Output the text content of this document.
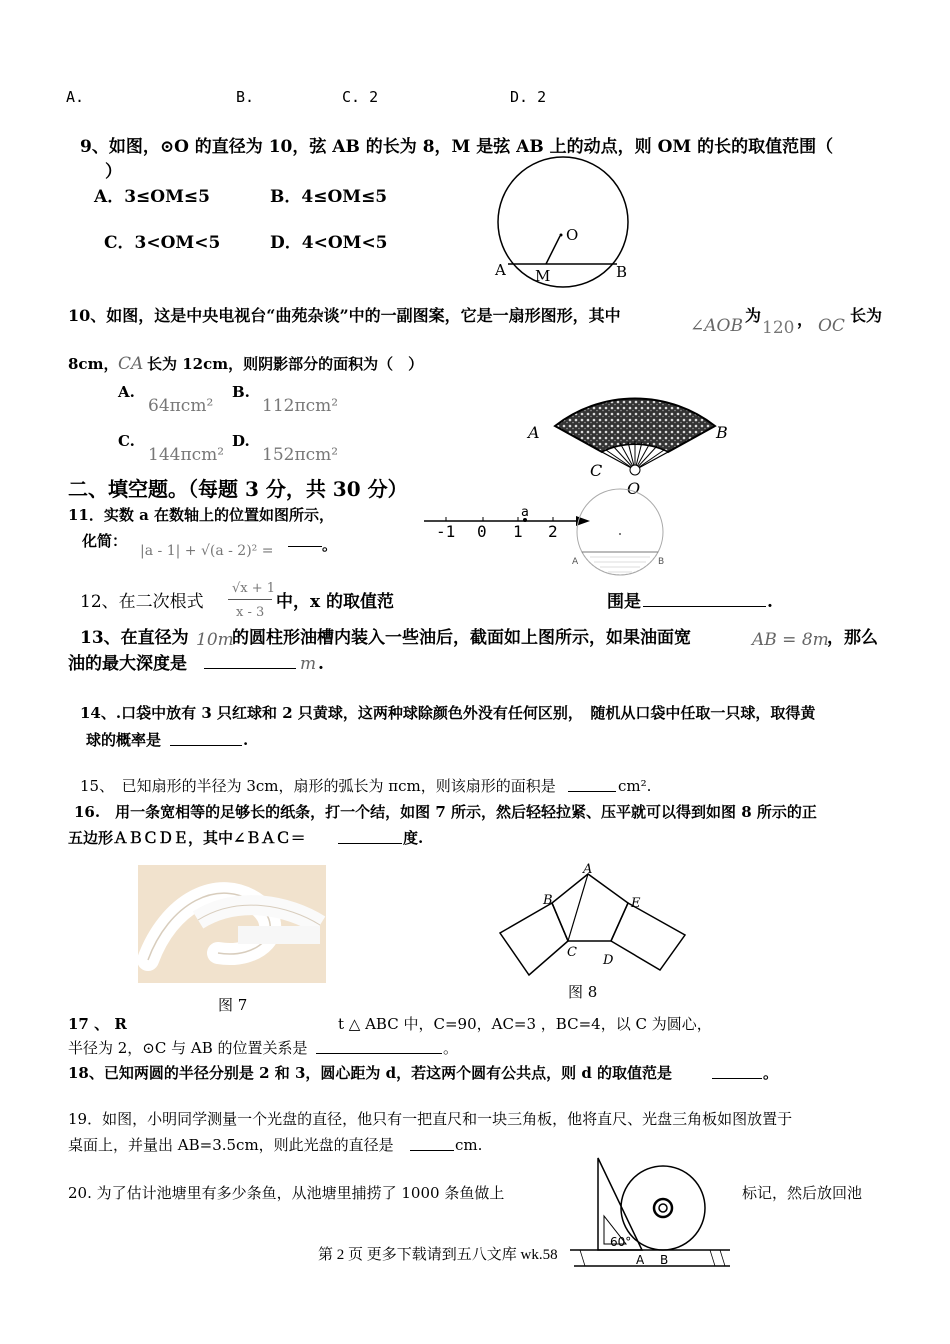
A.	B.	C. 2	D. 2
9、如图，⊙O 的直径为 10，弦 AB 的长为 8，M 是弦 AB 上的动点，则 OM 的长的取值范围（
）
A．3≤OM≤5	B．4≤OM≤5
C．3<OM<5	D．4<OM<5	O
A M	B
10、如图，这是中央电视台“曲苑杂谈”中的一副图案，它是一扇形图形，其中
∠AOB
为
120 ， OC
长为
8cm， CA 长为 12cm，则阴影部分的面积为（　）
A.
64πcm²
B.
112πcm²
C.
144πcm²
D.
152πcm²
A	B
C
O
二、填空题。（每题 3 分，共 30 分）
11．实数 a 在数轴上的位置如图所示，
化简：
|a - 1| + √(a - 2)² =	。
-1 0 1 2
a
A	B
12、在二次根式
√x + 1
x - 3
中，x 的取值范	围是	.
13、在直径为 10m
的圆柱形油槽内装入一些油后，截面如上图所示，如果油面宽	AB = 8m
，那么
油的最大深度是	m .
14、.口袋中放有 3 只红球和 2 只黄球，这两种球除颜色外没有任何区别，　随机从口袋中任取一只球，取得黄
球的概率是	.
15、　已知扇形的半径为 3cm，扇形的弧长为 πcm，则该扇形的面积是	cm².
16.　用一条宽相等的足够长的纸条，打一个结，如图 7 所示，然后轻轻拉紧、压平就可以得到如图 8 所示的正
五边形ＡＢＣＤＥ，其中∠ＢＡＣ＝	度.
图 7
A
B
C
D
E
图 8
17 、 R	t △ ABC 中，C=90，AC=3 ，BC=4，以 C 为圆心，
半径为 2，⊙C 与 AB 的位置关系是	。
18、已知两圆的半径分别是 2 和 3，圆心距为 d，若这两个圆有公共点，则 d 的取值范是	。
19．如图，小明同学测量一个光盘的直径，他只有一把直尺和一块三角板，他将直尺、光盘三角板如图放置于
桌面上，并量出 AB=3.5cm，则此光盘的直径是	cm.
20. 为了估计池塘里有多少条鱼，从池塘里捕捞了 1000 条鱼做上	标记，然后放回池
60°
A B
第 2 页 更多下载请到五八文库 wk.58
